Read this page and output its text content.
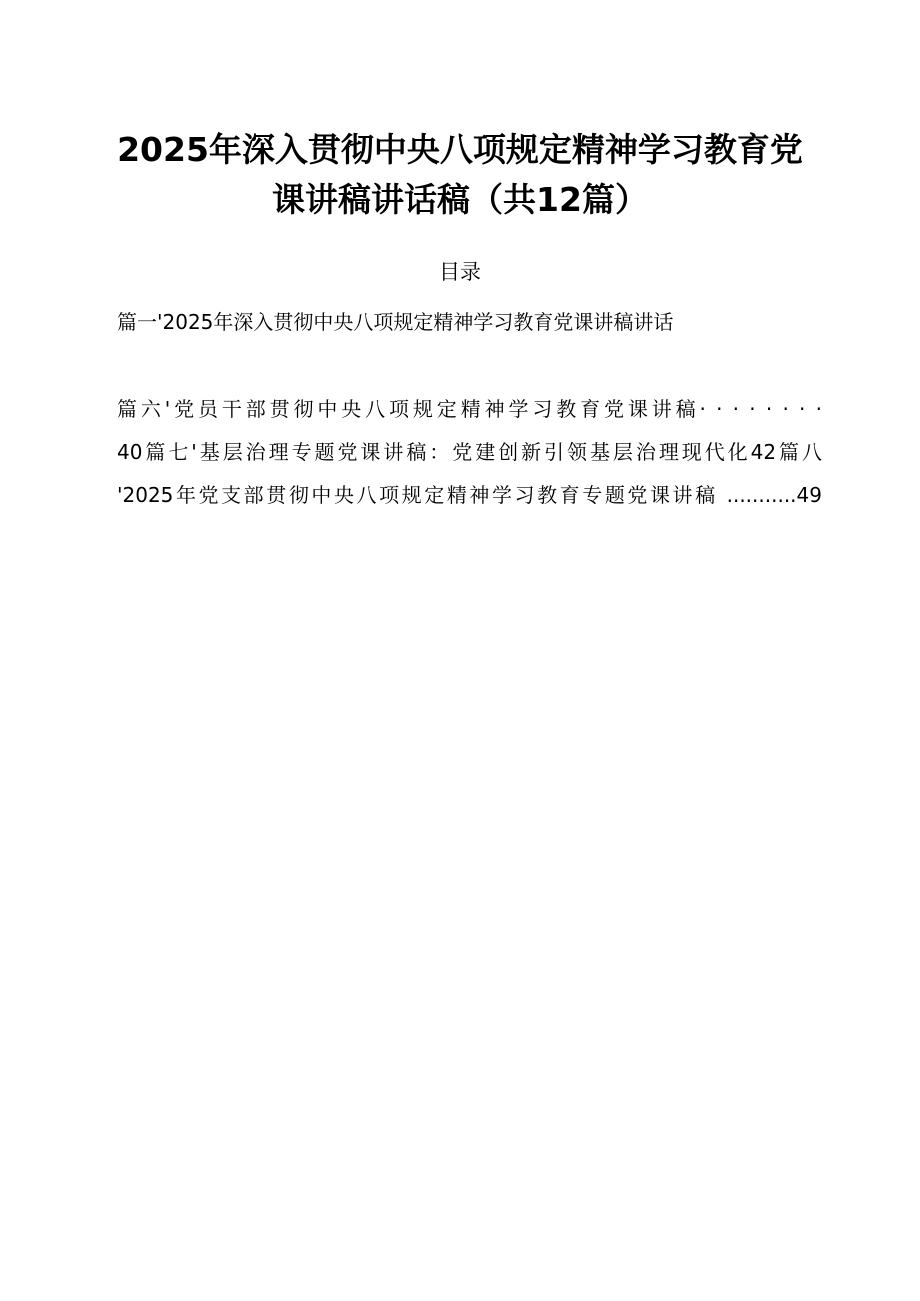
2025年深入贯彻中央八项规定精神学习教育党
课讲稿讲话稿（共12篇）
目录
篇一'2025年深入贯彻中央八项规定精神学习教育党课讲稿讲话
篇六'党员干部贯彻中央八项规定精神学习教育党课讲稿· · · · · · · ·
40篇七'基层治理专题党课讲稿：党建创新引领基层治理现代化42篇八
'2025年党支部贯彻中央八项规定精神学习教育专题党课讲稿 ...........49
